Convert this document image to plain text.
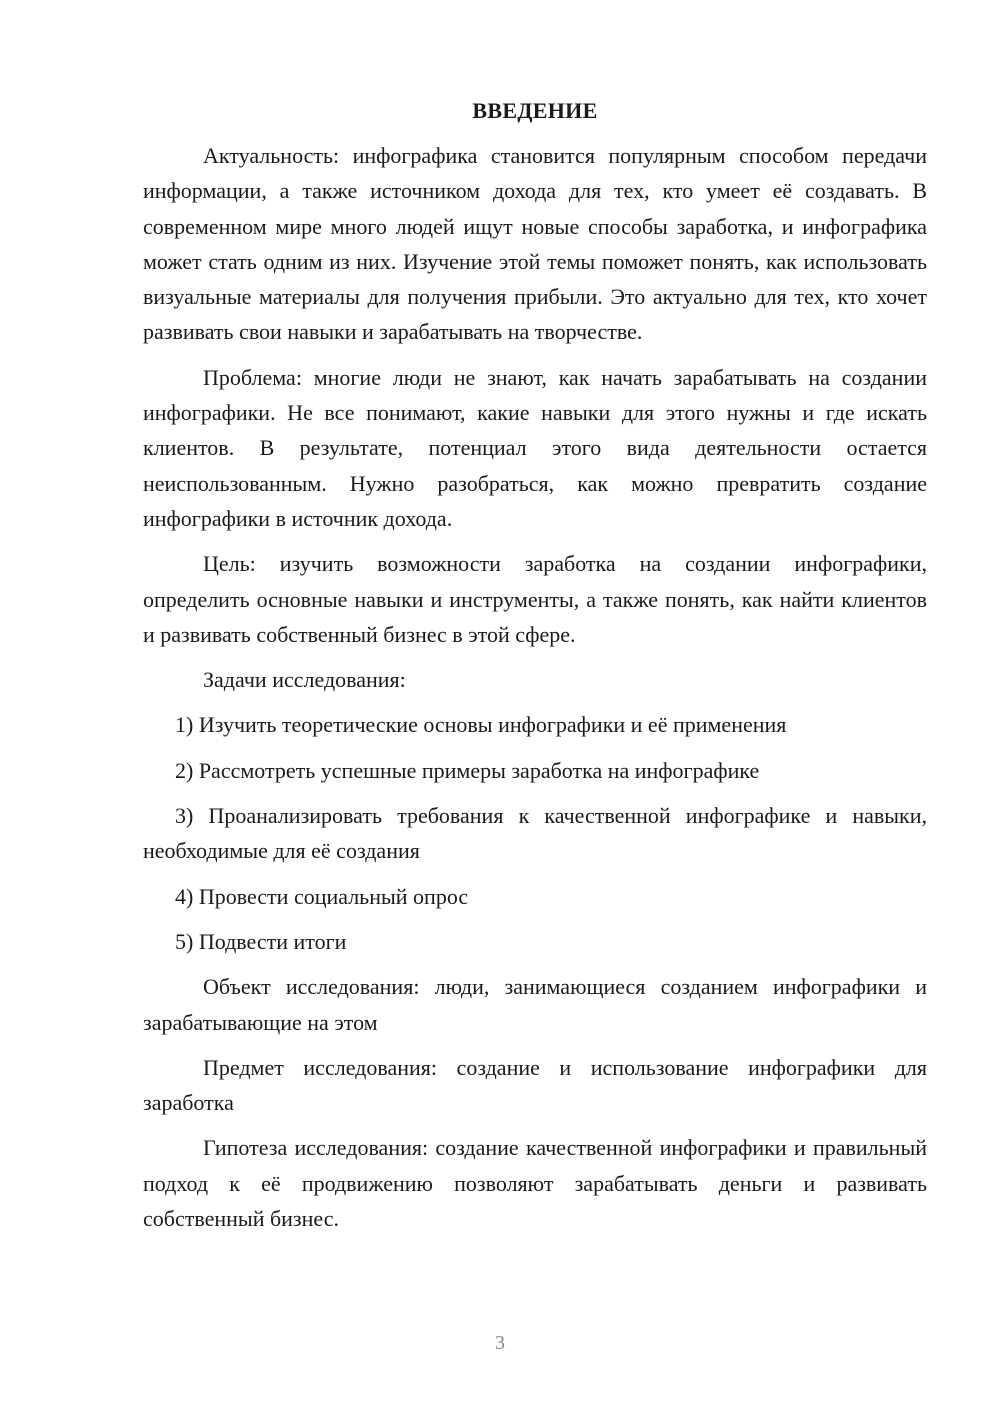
ВВЕДЕНИЕ

Актуальность: инфографика становится популярным способом передачи информации, а также источником дохода для тех, кто умеет её создавать. В современном мире много людей ищут новые способы заработка, и инфографика может стать одним из них. Изучение этой темы поможет понять, как использовать визуальные материалы для получения прибыли. Это актуально для тех, кто хочет развивать свои навыки и зарабатывать на творчестве.

Проблема: многие люди не знают, как начать зарабатывать на создании инфографики. Не все понимают, какие навыки для этого нужны и где искать клиентов. В результате, потенциал этого вида деятельности остается неиспользованным. Нужно разобраться, как можно превратить создание инфографики в источник дохода.

Цель: изучить возможности заработка на создании инфографики, определить основные навыки и инструменты, а также понять, как найти клиентов и развивать собственный бизнес в этой сфере.

Задачи исследования:

1) Изучить теоретические основы инфографики и её применения

2) Рассмотреть успешные примеры заработка на инфографике

3) Проанализировать требования к качественной инфографике и навыки, необходимые для её создания

4) Провести социальный опрос

5) Подвести итоги

Объект исследования: люди, занимающиеся созданием инфографики и зарабатывающие на этом

Предмет исследования: создание и использование инфографики для заработка

Гипотеза исследования: создание качественной инфографики и правильный подход к её продвижению позволяют зарабатывать деньги и развивать собственный бизнес.

3
